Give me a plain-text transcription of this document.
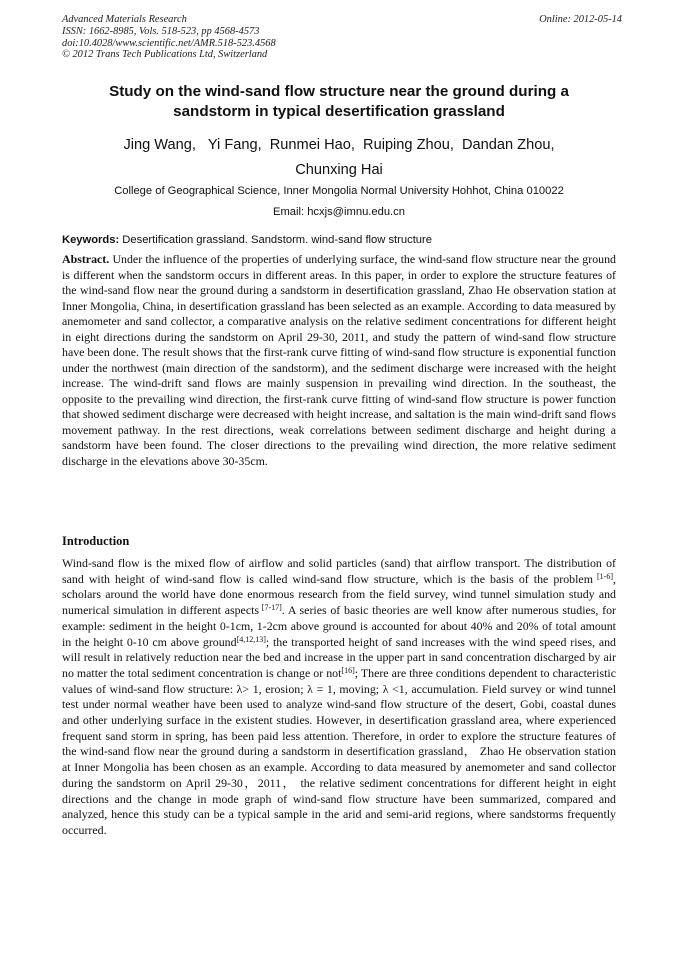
Advanced Materials Research	Online: 2012-05-14
ISSN: 1662-8985, Vols. 518-523, pp 4568-4573
doi:10.4028/www.scientific.net/AMR.518-523.4568
© 2012 Trans Tech Publications Ltd, Switzerland
Study on the wind-sand flow structure near the ground during a
sandstorm in typical desertification grassland
Jing Wang,   Yi Fang,  Runmei Hao,  Ruiping Zhou,  Dandan Zhou,
Chunxing Hai
College of Geographical Science, Inner Mongolia Normal University Hohhot, China 010022
Email: hcxjs@imnu.edu.cn
Keywords: Desertification grassland. Sandstorm. wind-sand flow structure
Abstract. Under the influence of the properties of underlying surface, the wind-sand flow structure near the ground is different when the sandstorm occurs in different areas. In this paper, in order to explore the structure features of the wind-sand flow near the ground during a sandstorm in desertification grassland, Zhao He observation station at Inner Mongolia, China, in desertification grassland has been selected as an example. According to data measured by anemometer and sand collector, a comparative analysis on the relative sediment concentrations for different height in eight directions during the sandstorm on April 29-30, 2011, and study the pattern of wind-sand flow structure have been done. The result shows that the first-rank curve fitting of wind-sand flow structure is exponential function under the northwest (main direction of the sandstorm), and the sediment discharge were increased with the height increase. The wind-drift sand flows are mainly suspension in prevailing wind direction. In the southeast, the opposite to the prevailing wind direction, the first-rank curve fitting of wind-sand flow structure is power function that showed sediment discharge were decreased with height increase, and saltation is the main wind-drift sand flows movement pathway. In the rest directions, weak correlations between sediment discharge and height during a sandstorm have been found. The closer directions to the prevailing wind direction, the more relative sediment discharge in the elevations above 30-35cm.
Introduction
Wind-sand flow is the mixed flow of airflow and solid particles (sand) that airflow transport. The distribution of sand with height of wind-sand flow is called wind-sand flow structure, which is the basis of the problem [1-6], scholars around the world have done enormous research from the field survey, wind tunnel simulation study and numerical simulation in different aspects [7-17]. A series of basic theories are well know after numerous studies, for example: sediment in the height 0-1cm, 1-2cm above ground is accounted for about 40% and 20% of total amount in the height 0-10 cm above ground[4,12,13]; the transported height of sand increases with the wind speed rises, and will result in relatively reduction near the bed and increase in the upper part in sand concentration discharged by air no matter the total sediment concentration is change or not[16]; There are three conditions dependent to characteristic values of wind-sand flow structure: λ> 1, erosion; λ = 1, moving; λ <1, accumulation. Field survey or wind tunnel test under normal weather have been used to analyze wind-sand flow structure of the desert, Gobi, coastal dunes and other underlying surface in the existent studies. However, in desertification grassland area, where experienced frequent sand storm in spring, has been paid less attention. Therefore, in order to explore the structure features of the wind-sand flow near the ground during a sandstorm in desertification grassland， Zhao He observation station at Inner Mongolia has been chosen as an example. According to data measured by anemometer and sand collector during the sandstorm on April 29-30，2011， the relative sediment concentrations for different height in eight directions and the change in mode graph of wind-sand flow structure have been summarized, compared and analyzed, hence this study can be a typical sample in the arid and semi-arid regions, where sandstorms frequently occurred.
